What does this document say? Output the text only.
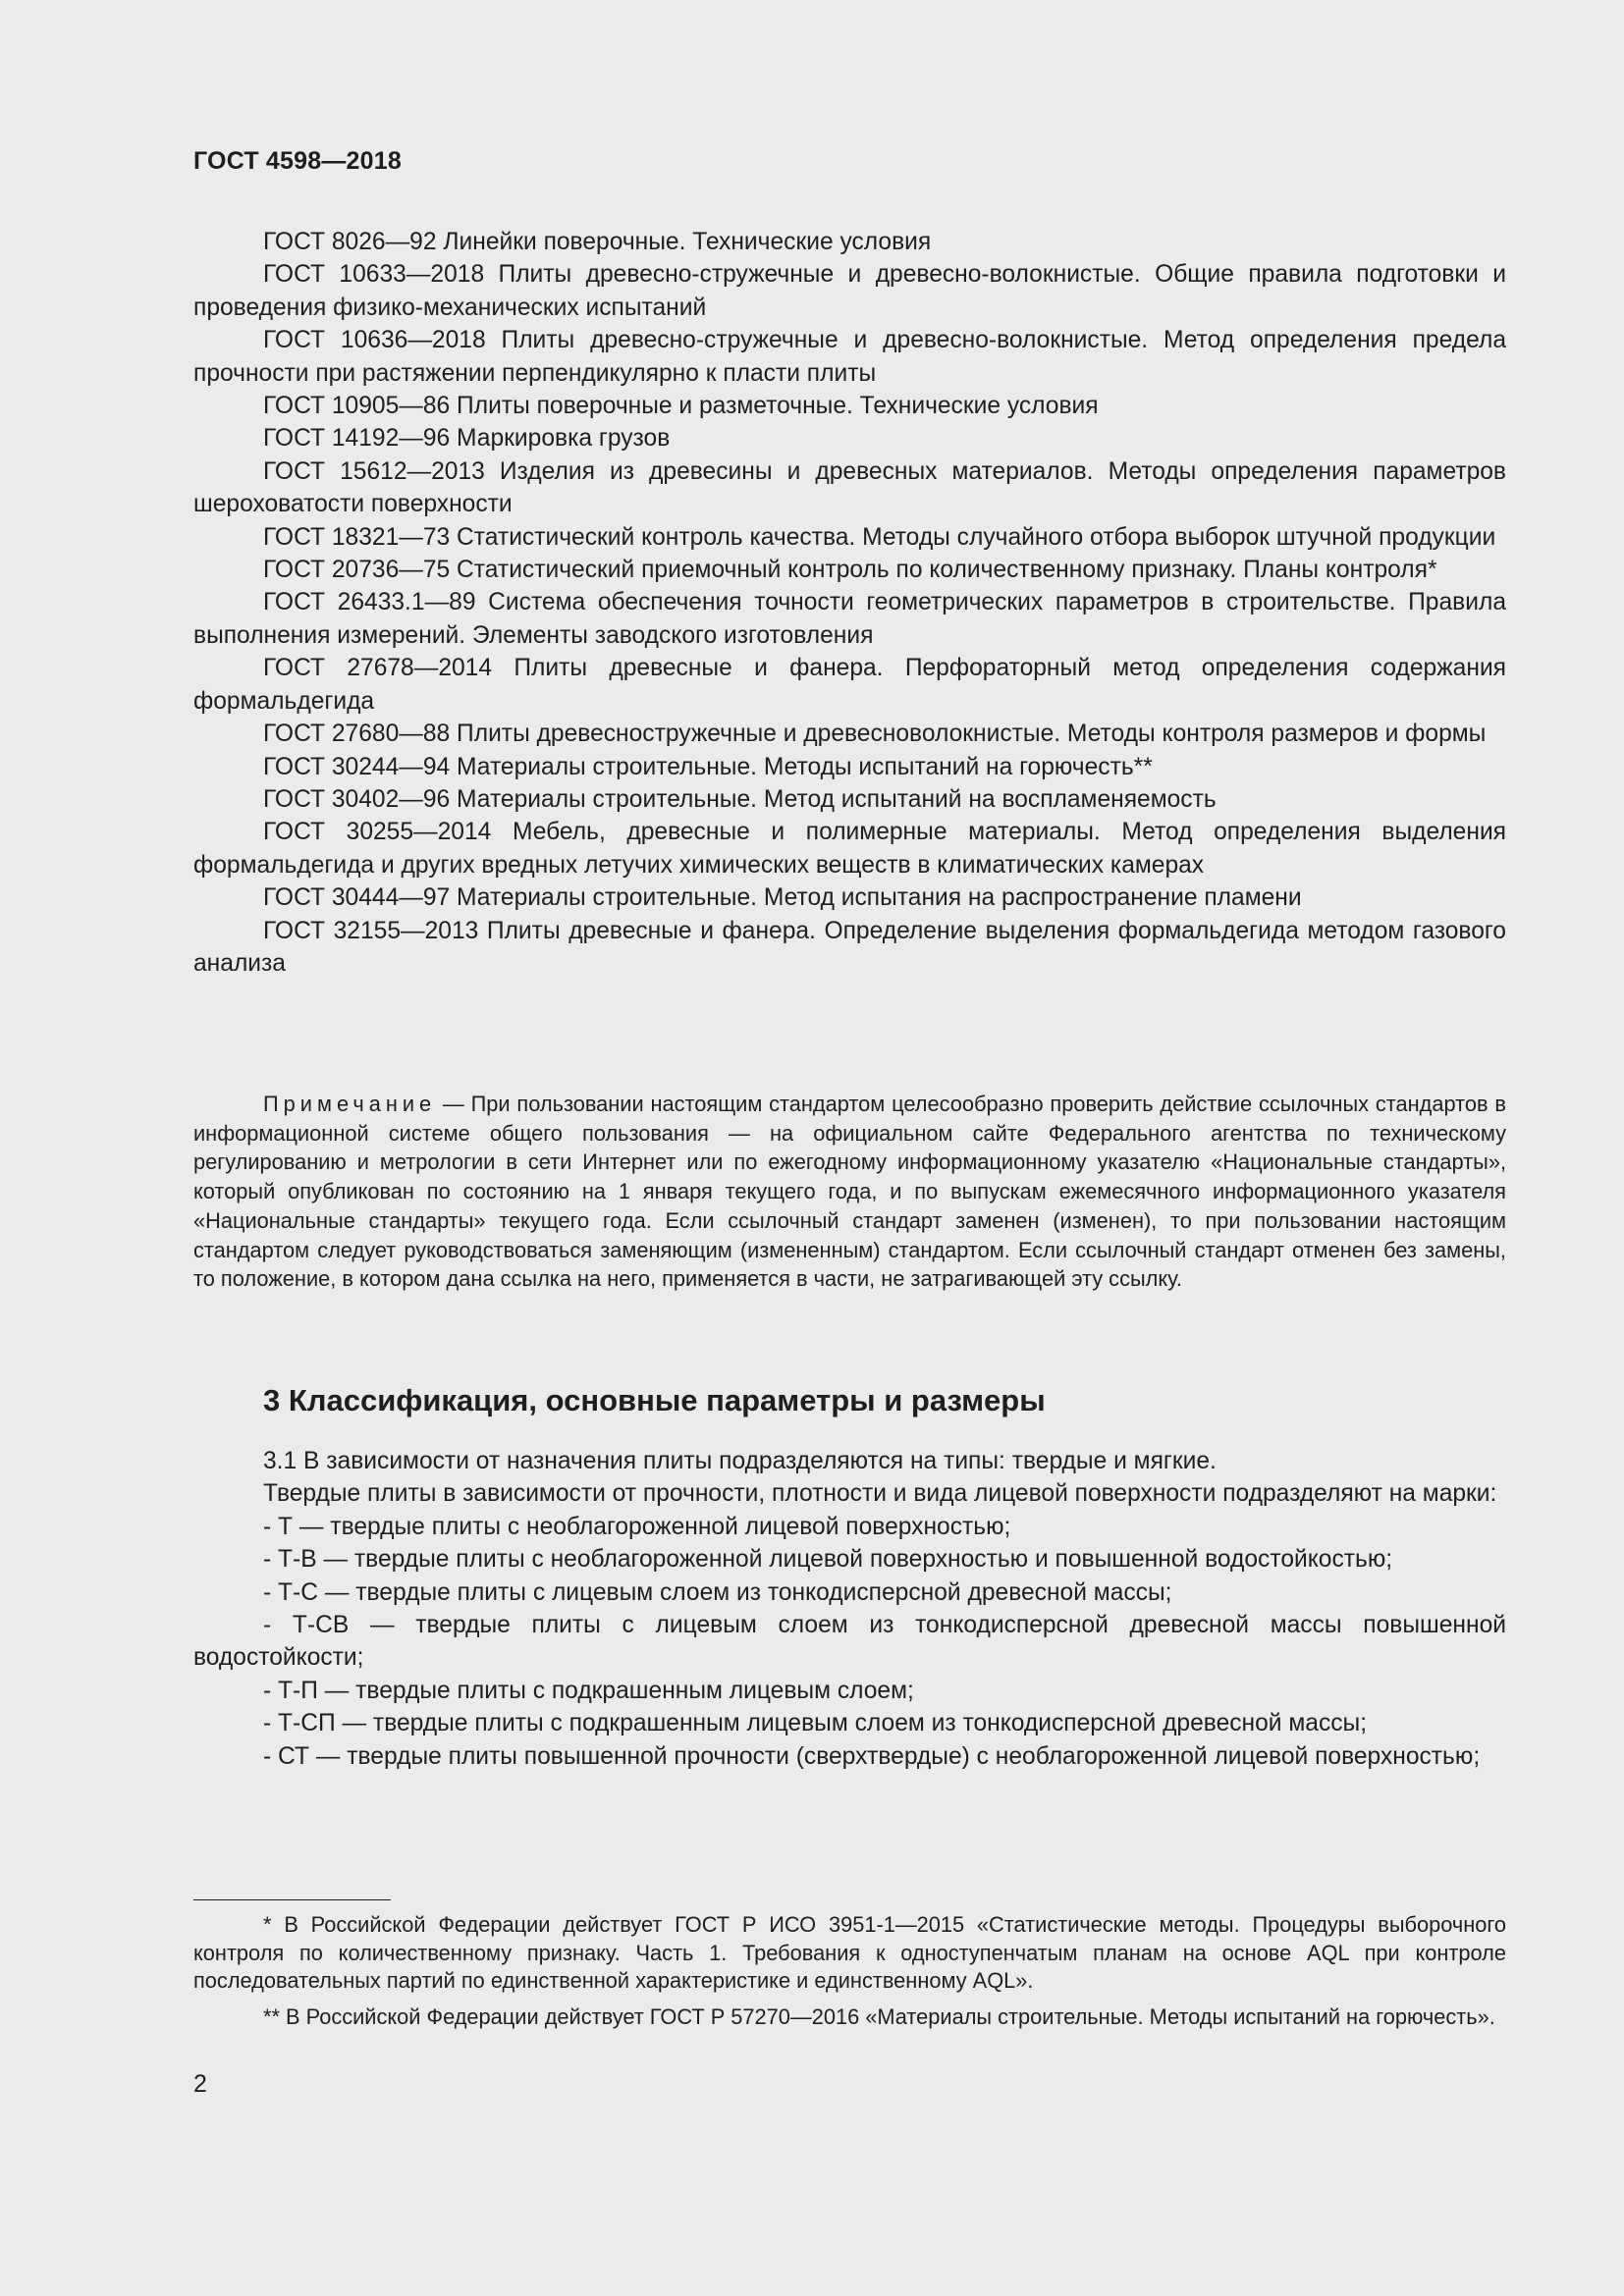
ГОСТ 4598—2018

ГОСТ 8026—92 Линейки поверочные. Технические условия

ГОСТ 10633—2018 Плиты древесно-стружечные и древесно-волокнистые. Общие правила подготовки и проведения физико-механических испытаний

ГОСТ 10636—2018 Плиты древесно-стружечные и древесно-волокнистые. Метод определения предела прочности при растяжении перпендикулярно к пласти плиты

ГОСТ 10905—86 Плиты поверочные и разметочные. Технические условия

ГОСТ 14192—96 Маркировка грузов

ГОСТ 15612—2013 Изделия из древесины и древесных материалов. Методы определения параметров шероховатости поверхности

ГОСТ 18321—73 Статистический контроль качества. Методы случайного отбора выборок штучной продукции

ГОСТ 20736—75 Статистический приемочный контроль по количественному признаку. Планы контроля*

ГОСТ 26433.1—89 Система обеспечения точности геометрических параметров в строительстве. Правила выполнения измерений. Элементы заводского изготовления

ГОСТ 27678—2014 Плиты древесные и фанера. Перфораторный метод определения содержания формальдегида

ГОСТ 27680—88 Плиты древесностружечные и древесноволокнистые. Методы контроля размеров и формы

ГОСТ 30244—94 Материалы строительные. Методы испытаний на горючесть**

ГОСТ 30402—96 Материалы строительные. Метод испытаний на воспламеняемость

ГОСТ 30255—2014 Мебель, древесные и полимерные материалы. Метод определения выделения формальдегида и других вредных летучих химических веществ в климатических камерах

ГОСТ 30444—97 Материалы строительные. Метод испытания на распространение пламени

ГОСТ 32155—2013 Плиты древесные и фанера. Определение выделения формальдегида методом газового анализа

Примечание — При пользовании настоящим стандартом целесообразно проверить действие ссылочных стандартов в информационной системе общего пользования — на официальном сайте Федерального агентства по техническому регулированию и метрологии в сети Интернет или по ежегодному информационному указателю «Национальные стандарты», который опубликован по состоянию на 1 января текущего года, и по выпускам ежемесячного информационного указателя «Национальные стандарты» текущего года. Если ссылочный стандарт заменен (изменен), то при пользовании настоящим стандартом следует руководствоваться заменяющим (измененным) стандартом. Если ссылочный стандарт отменен без замены, то положение, в котором дана ссылка на него, применяется в части, не затрагивающей эту ссылку.

3 Классификация, основные параметры и размеры

3.1 В зависимости от назначения плиты подразделяются на типы: твердые и мягкие.

Твердые плиты в зависимости от прочности, плотности и вида лицевой поверхности подразделяют на марки:

- Т — твердые плиты с необлагороженной лицевой поверхностью;

- Т-В — твердые плиты с необлагороженной лицевой поверхностью и повышенной водостойкостью;

- Т-С — твердые плиты с лицевым слоем из тонкодисперсной древесной массы;

- Т-СВ — твердые плиты с лицевым слоем из тонкодисперсной древесной массы повышенной водостойкости;

- Т-П — твердые плиты с подкрашенным лицевым слоем;

- Т-СП — твердые плиты с подкрашенным лицевым слоем из тонкодисперсной древесной массы;

- СТ — твердые плиты повышенной прочности (сверхтвердые) с необлагороженной лицевой поверхностью;

* В Российской Федерации действует ГОСТ Р ИСО 3951-1—2015 «Статистические методы. Процедуры выборочного контроля по количественному признаку. Часть 1. Требования к одноступенчатым планам на основе AQL при контроле последовательных партий по единственной характеристике и единственному AQL».

** В Российской Федерации действует ГОСТ Р 57270—2016 «Материалы строительные. Методы испытаний на горючесть».

2
